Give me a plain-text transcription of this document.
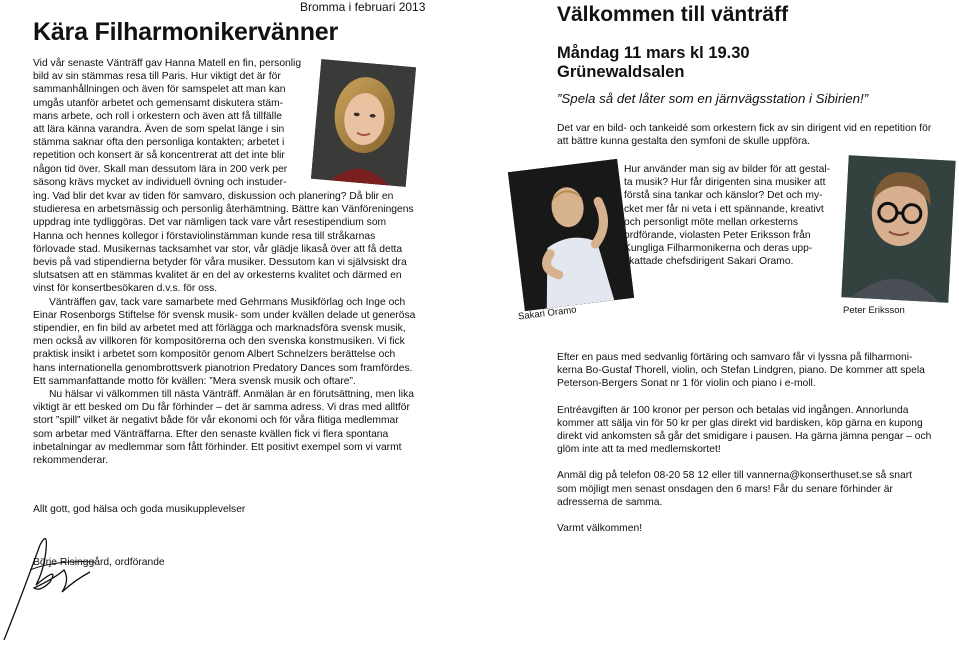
Bromma i februari 2013
Kära Filharmonikervänner

Vid vår senaste Vänträff gav Hanna Matell en fin, personlig

bild av sin stämmas resa till Paris. Hur viktigt det är för

sammanhållningen och även för samspelet att man kan

umgås utanför arbetet och gemensamt diskutera stäm-

mans arbete, och roll i orkestern och även att få tillfälle

att lära känna varandra. Även de som spelat länge i sin

stämma saknar ofta den personliga kontakten; arbetet i

repetition och konsert är så koncentrerat att det inte blir

någon tid över. Skall man dessutom lära in 200 verk per

säsong krävs mycket av individuell övning och instuder-

ing. Vad blir det kvar av tiden för samvaro, diskussion och planering? Då blir en studieresa en arbetsmässig och personlig återhämtning. Bättre kan Vänföreningens uppdrag inte tydliggöras. Det var nämligen tack vare vårt resestipendium som Hanna och hennes kollegor i förstaviolinstämman kunde resa till stråkarnas förlovade stad. Musikernas tacksamhet var stor, vår glädje likaså över att få detta bevis på vad stipendierna betyder för våra musiker. Dessutom kan vi självsiskt dra slutsatsen att en stämmas kvalitet är en del av orkesterns kvalitet och därmed en vinst för konsertbesökaren d.v.s. för oss.

Vänträffen gav, tack vare samarbete med Gehrmans Musikförlag och Inge och Einar Rosenborgs Stiftelse för svensk musik- som under kvällen delade ut generösa stipendier, en fin bild av arbetet med att förlägga och marknadsföra svensk musik, men också av villkoren för kompositörerna och den svenska konstmusiken. Vi fick praktisk insikt i arbetet som kompositör genom Albert Schnelzers berättelse och hans internationella genombrottsverk pianotrion Predatory Dances som framfördes. Ett sammanfattande motto för kvällen: ”Mera svensk musik och oftare”.

Nu hälsar vi välkommen till nästa Vänträff. Anmälan är en förutsättning, men lika viktigt är ett besked om Du får förhinder – det är samma adress. Vi dras med alltför stort ”spill” vilket är negativt både för vår ekonomi och för våra flitiga medlemmar som arbetar med Vänträffarna. Efter den senaste kvällen fick vi flera spontana inbetalningar av medlemmar som fått förhinder. Ett positivt exempel som vi varmt rekommenderar.

Allt gott, god hälsa och goda musikupplevelser
Börje Risinggård, ordförande
Välkommen till vänträff

Måndag 11 mars kl 19.30

Grünewaldsalen

”Spela så det låter som en järnvägsstation i Sibirien!”

Det var en bild- och tankeidé som orkestern fick av sin dirigent vid en repetition för att bättre kunna gestalta den symfoni de skulle uppföra.

Sakari Oramo

Hur använder man sig av bilder för att gestal-

ta musik? Hur får dirigenten sina musiker att

förstå sina tankar och känslor? Det och my-

cket mer får ni veta i ett spännande, kreativt

och personligt möte mellan orkesterns

ordförande, violasten Peter Eriksson från

Kungliga Filharmonikerna och deras upp-

skattade chefsdirigent Sakari Oramo.

Peter Eriksson

Efter en paus med sedvanlig förtäring och samvaro får vi lyssna på filharmoni-kerna Bo-Gustaf Thorell, violin, och Stefan Lindgren, piano. De kommer att spela Peterson-Bergers Sonat nr 1 för violin och piano i e-moll.

Entréavgiften är 100 kronor per person och betalas vid ingången. Annorlunda kommer att sälja vin för 50 kr per glas direkt vid bardisken, köp gärna en kupong direkt vid ankomsten så går det smidigare i pausen. Ha gärna jämna pengar – och glöm inte att ta med medlemskortet!

Anmäl dig på telefon 08-20 58 12 eller till vannerna@konserthuset.se så snart som möjligt men senast onsdagen den 6 mars! Får du senare förhinder är adresserna de samma.

Varmt välkommen!
